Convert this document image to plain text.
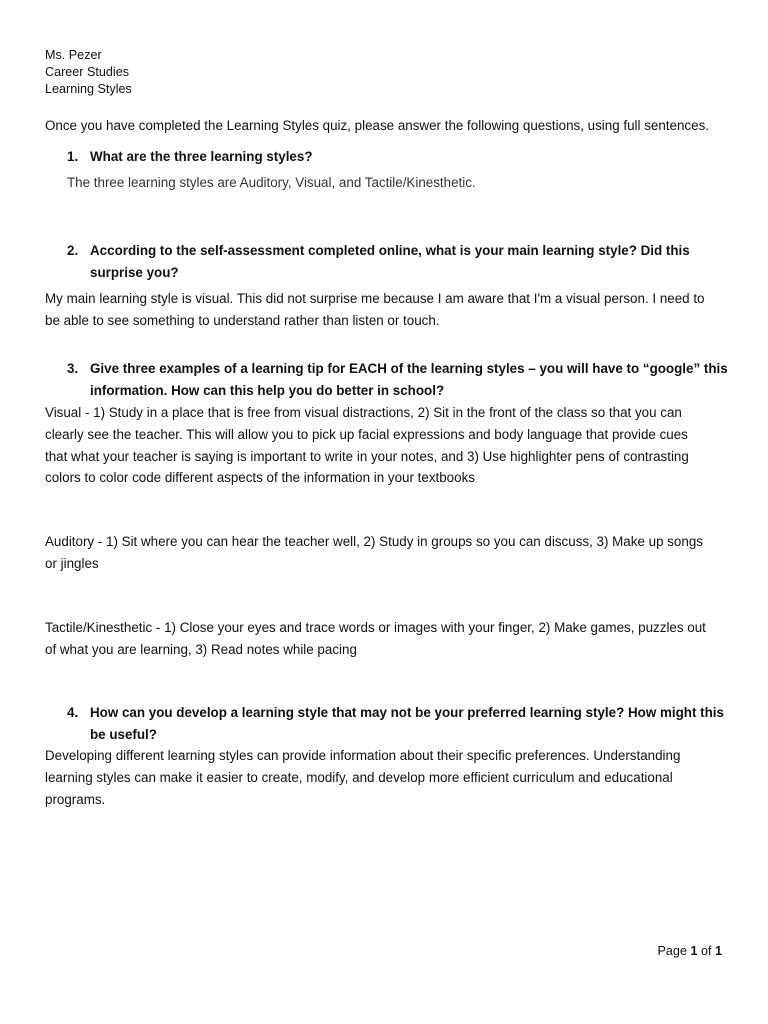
Ms. Pezer
Career Studies
Learning Styles
Once you have completed the Learning Styles quiz, please answer the following questions, using full sentences.
1. What are the three learning styles?
The three learning styles are Auditory, Visual, and Tactile/Kinesthetic.
2. According to the self-assessment completed online, what is your main learning style? Did this
surprise you?
My main learning style is visual. This did not surprise me because I am aware that I'm a visual person. I need to
be able to see something to understand rather than listen or touch.
3. Give three examples of a learning tip for EACH of the learning styles – you will have to “google” this
information. How can this help you do better in school?
Visual - 1) Study in a place that is free from visual distractions, 2) Sit in the front of the class so that you can
clearly see the teacher. This will allow you to pick up facial expressions and body language that provide cues
that what your teacher is saying is important to write in your notes, and 3) Use highlighter pens of contrasting
colors to color code different aspects of the information in your textbooks
Auditory - 1) Sit where you can hear the teacher well, 2) Study in groups so you can discuss, 3) Make up songs
or jingles
Tactile/Kinesthetic - 1) Close your eyes and trace words or images with your finger, 2) Make games, puzzles out
of what you are learning, 3) Read notes while pacing
4. How can you develop a learning style that may not be your preferred learning style? How might this
be useful?
Developing different learning styles can provide information about their specific preferences. Understanding
learning styles can make it easier to create, modify, and develop more efficient curriculum and educational
programs.
Page 1 of 1
